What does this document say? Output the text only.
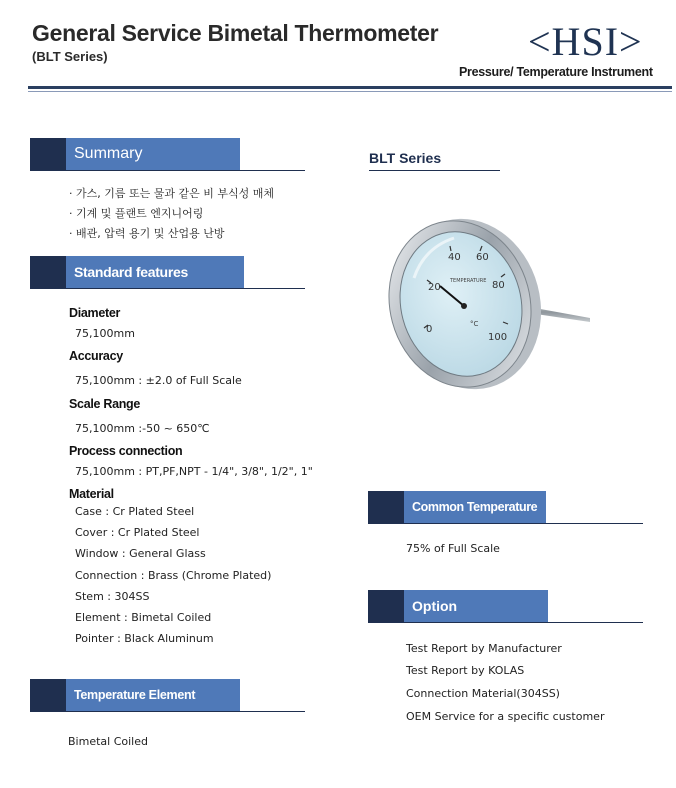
General Service Bimetal Thermometer
(BLT Series)	<HSI>
Pressure/ Temperature Instrument
Summary
· 가스, 기름 또는 물과 같은 비 부식성 매체
· 기계 및 플랜트 엔지니어링
· 배관, 압력 용기 및 산업용 난방
Standard features
Diameter
75,100mm
Accuracy
75,100mm : ±2.0 of Full Scale
Scale Range
75,100mm :-50 ~ 650℃
Process connection
75,100mm : PT,PF,NPT - 1/4", 3/8", 1/2", 1"
Material
Case : Cr Plated Steel
Cover : Cr Plated Steel
Window : General Glass
Connection : Brass (Chrome Plated)
Stem : 304SS
Element : Bimetal Coiled
Pointer : Black Aluminum
Temperature Element
Bimetal Coiled
BLT Series
0
20
40 60
80
100
TEMPERATURE
°C
Common Temperature
75% of Full Scale
Option
Test Report by Manufacturer
Test Report by KOLAS
Connection Material(304SS)
OEM Service for a specific customer
